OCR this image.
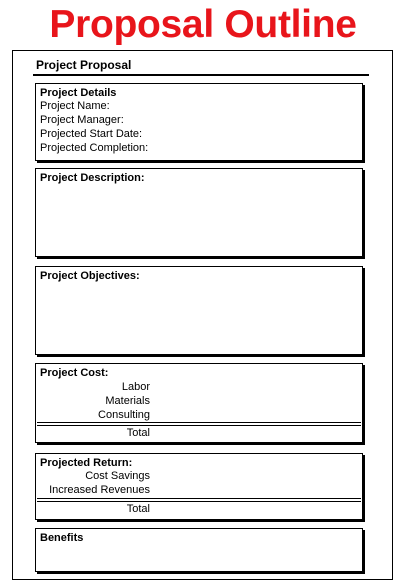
Proposal Outline
Project Proposal
Project Details
Project Name:
Project Manager:
Projected Start Date:
Projected Completion:
Project Description:
Project Objectives:
Project Cost:
Labor
Materials
Consulting
Total
Projected Return:
Cost Savings
Increased Revenues
Total
Benefits
